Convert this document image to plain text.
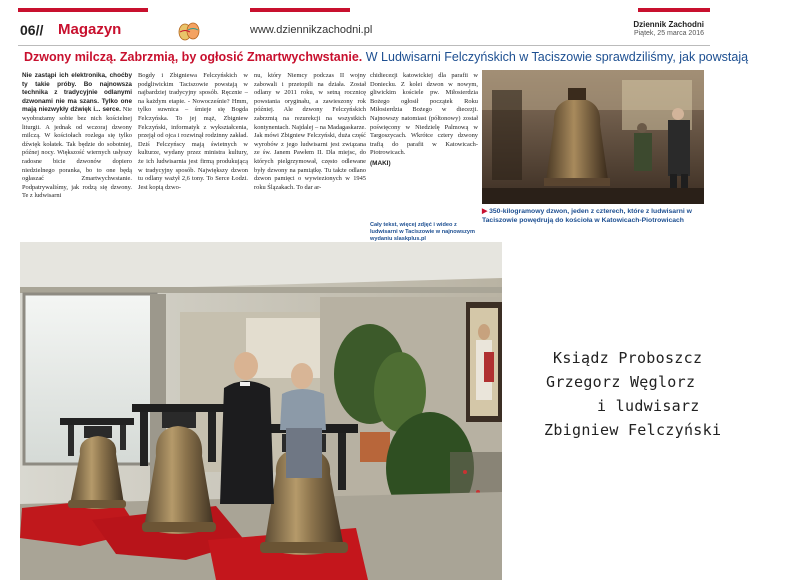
06// Magazyn	www.dziennikzachodni.pl	Dziennik Zachodni
Piątek, 25 marca 2016
Dzwony milczą. Zabrzmią, by ogłosić Zmartwychwstanie. W Ludwisarni Felczyńskich w Taciszowie sprawdziliśmy, jak powstają
Nie zastąpi ich elektronika, choćby ty takie próby. Bo najnowsza technika z tradycyjnie odlanymi dzwonami nie ma szans. Tylko one mają niezwykły dźwięk i... serce. Nie wyobrażamy sobie bez nich kościelnej liturgii. A jednak od wczoraj dzwony milczą. W kościołach rozlega się tylko dźwięk kołatek. Tak będzie do sobotniej, późnej nocy. Większość wiernych usłyszy radosne bicie dzwonów dopiero niedzielnego poranka, bo to one będą ogłaszać Zmartwychwstanie. Podpatrywaliśmy, jak rodzą się dzwony. Te z ludwisarni
Bogdy i Zbigniewa Felczyńskich w podgliwickim Taciszowie powstają w najbardziej tradycyjny sposób. Ręcznie – na każdym etapie. - Nowocześnie? Hmm, tylko suwnica – śmieje się Bogda Felczyńska. To jej mąż, Zbigniew Felczyński, informatyk z wykształcenia, przejął od ojca i rozwinął rodzinny zakład. Dziś Felczyńscy mają świetnych w kulturze, wydany przez ministra kultury, że ich ludwisarnia jest firmą produkującą w tradycyjny sposób. Największy dzwon tu odlany ważył 2,6 tony. To Serce Łodzi. Jest kopią dzwo-
nu, który Niemcy podczas II wojny zabowali i przetopili na działa. Został odlany w 2011 roku, w setną rocznicę powstania oryginału, a zawieszony rok później. Ale dzwony Felczyńskich zabrzmią na rezurekcji na wszystkich kontynentach. Najdalej – na Madagaskarze. Jak mówi Zbigniew Felczyński, duża część wyrobów z jego ludwisarni jest związana ze św. Janem Pawłem II. Dla miejsc, do których pielgrzymował, często odlewane były dzwony na pamiątkę. Tu także odlano dzwon pamięci o wywiezionych w 1945 roku Ślązakach. To dar ar-
chidiecezji katowickiej dla parafii w Doniecku. Z kolei dzwon w nowym, gliwickim kościele pw. Miłosierdzia Bożego ogłosił początek Roku Miłosierdzia Bożego w diecezji. Najnowszy natomiast (półtonowy) został poświęcony w Niedzielę Palmową w Targoszycach. Wkrótce cztery dzwony trafią do parafii w Katowicach-Piotrowicach.
(MAKI)
Cały tekst, więcej zdjęć i wideo z ludwisarni w Taciszowie w najnowszym wydaniu slaskplus.pl
▶ 350-kilogramowy dzwon, jeden z czterech, które z ludwisarni w Taciszowie powędrują do kościoła w Katowicach-Piotrowicach
Ksiądz Proboszcz
Grzegorz Węglorz
i ludwisarz
Zbigniew Felczyński
